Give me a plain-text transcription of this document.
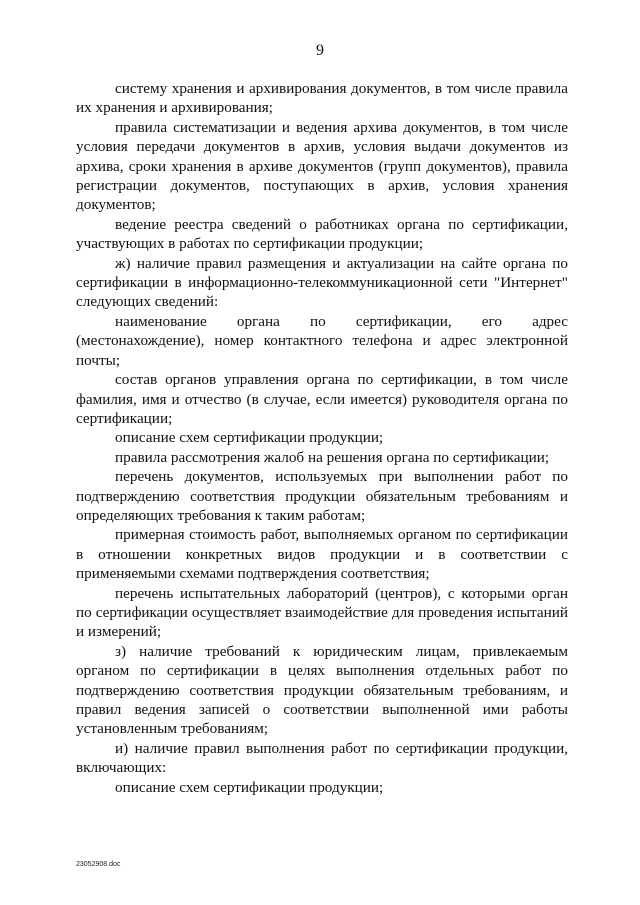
9

системy хранения и архивирования документов, в том числе правила их хранения и архивирования;

правила систематизации и ведения архива документов, в том числе условия передачи документов в архив, условия выдачи документов из архива, сроки хранения в архиве документов (групп документов), правила регистрации документов, поступающих в архив, условия хранения документов;

ведение реестра сведений о работниках органа по сертификации, участвующих в работах по сертификации продукции;

ж) наличие правил размещения и актуализации на сайте органа по сертификации в информационно-телекоммуникационной сети "Интернет" следующих сведений:

наименование органа по сертификации, его адрес (местонахождение), номер контактного телефона и адрес электронной почты;

состав органов управления органа по сертификации, в том числе фамилия, имя и отчество (в случае, если имеется) руководителя органа по сертификации;

описание схем сертификации продукции;

правила рассмотрения жалоб на решения органа по сертификации;

перечень документов, используемых при выполнении работ по подтверждению соответствия продукции обязательным требованиям и определяющих требования к таким работам;

примерная стоимость работ, выполняемых органом по сертификации в отношении конкретных видов продукции и в соответствии с применяемыми схемами подтверждения соответствия;

перечень испытательных лабораторий (центров), с которыми орган по сертификации осуществляет взаимодействие для проведения испытаний и измерений;

з) наличие требований к юридическим лицам, привлекаемым органом по сертификации в целях выполнения отдельных работ по подтверждению соответствия продукции обязательным требованиям, и правил ведения записей о соответствии выполненной ими работы установленным требованиям;

и) наличие правил выполнения работ по сертификации продукции, включающих:

описание схем сертификации продукции;

23052908.doc
